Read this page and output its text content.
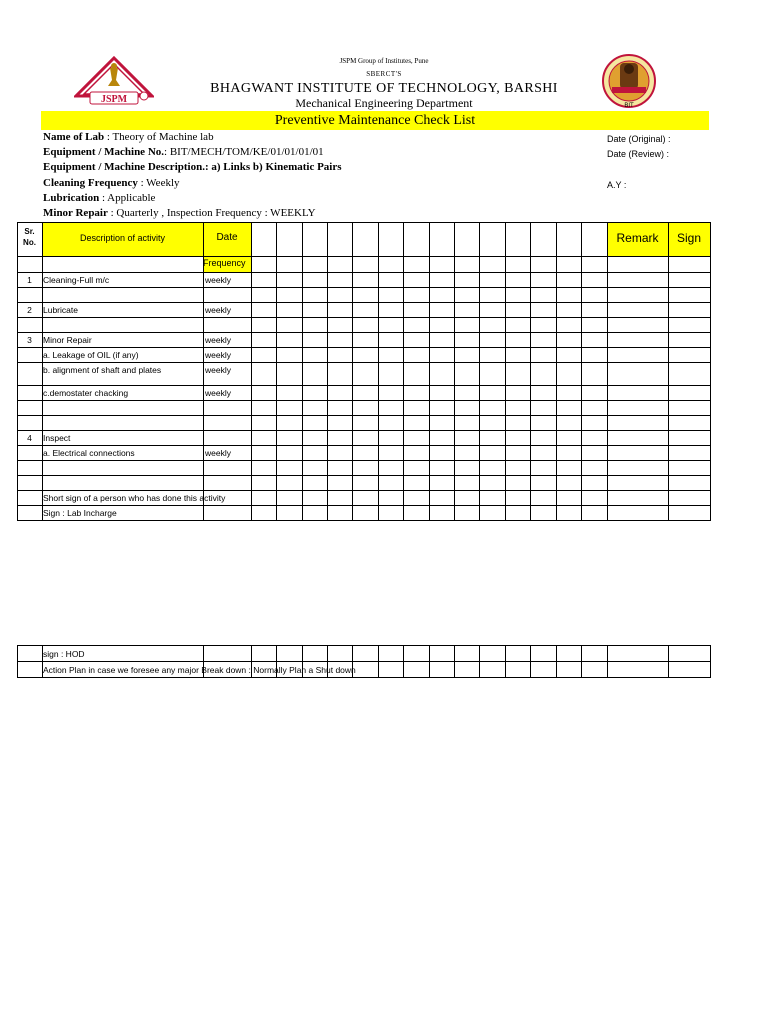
JSPM
BIT
JSPM Group of Institutes, Pune
SBERCT'S
BHAGWANT INSTITUTE OF TECHNOLOGY, BARSHI
Mechanical Engineering Department
Preventive Maintenance Check List
Name of Lab : Theory of Machine lab
Equipment / Machine No.: BIT/MECH/TOM/KE/01/01/01/01
Equipment / Machine Description.: a) Links b) Kinematic Pairs
Cleaning Frequency : Weekly
Lubrication : Applicable
Minor Repair : Quarterly , Inspection Frequency : WEEKLY
Date (Original) :
Date (Review) :
A.Y :
Sr.
No.	Description of activity	Date	Remark	Sign
Frequency
1	Cleaning-Full m/c	weekly
2	Lubricate	weekly
3	Minor Repair	weekly
a. Leakage of OIL (if any)	weekly
b. alignment of shaft and plates	weekly
c.demostater chacking	weekly
4	Inspect
a. Electrical connections	weekly
Short sign of a person who has done this activity
Sign : Lab Incharge
sign : HOD
Action Plan in case we foresee any major Break down : Normally Plan a Shut down
